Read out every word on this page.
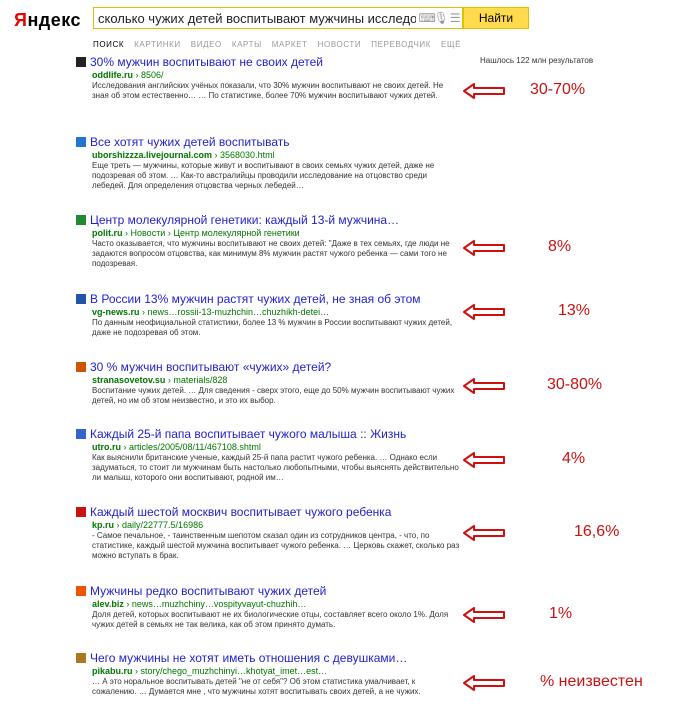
Яндекс
сколько чужих детей воспитывают мужчины исследо	⌨
🎙 ☰	Найти
ПОИСК КАРТИНКИ ВИДЕО КАРТЫ МАРКЕТ НОВОСТИ ПЕРЕВОДЧИК ЕЩЁ
Нашлось 122 млн результатов
30% мужчин воспитывают не своих детей
oddlife.ru › 8506/
Исследования английских учёных показали, что 30% мужчин воспитывают не своих детей. Не зная об этом естественно… … По статистике, более 70% мужчин воспитывают чужих детей.
Все хотят чужих детей воспитывать
uborshizzza.livejournal.com › 3568030.html
Еще треть — мужчины, которые живут и воспитывают в своих семьях чужих детей, даже не подозревая об этом. … Как-то австралийцы проводили исследование на отцовство среди лебедей. Для определения отцовства черных лебедей…
Центр молекулярной генетики: каждый 13-й мужчина…
polit.ru › Новости › Центр молекулярной генетики
Часто оказывается, что мужчины воспитывают не своих детей: "Даже в тех семьях, где люди не задаются вопросом отцовства, как минимум 8% мужчин растят чужого ребенка — сами того не подозревая.
В России 13% мужчин растят чужих детей, не зная об этом
vg-news.ru › news…rossii-13-muzhchin…chuzhikh-detei…
По данным неофициальной статистики, более 13 % мужчин в России воспитывают чужих детей, даже не подозревая об этом.
30 % мужчин воспитывают «чужих» детей?
stranasovetov.su › materials/828
Воспитание чужих детей. … Для сведения - сверх этого, еще до 50% мужчин воспитывают чужих детей, но им об этом неизвестно, и это их выбор.
Каждый 25-й папа воспитывает чужого малыша :: Жизнь
utro.ru › articles/2005/08/11/467108.shtml
Как выяснили британские ученые, каждый 25-й папа растит чужого ребенка. … Однако если задуматься, то стоит ли мужчинам быть настолько любопытными, чтобы выяснять действительно ли малыш, которого они воспитывают, родной им…
Каждый шестой москвич воспитывает чужого ребенка
kp.ru › daily/22777.5/16986
- Самое печальное, - таинственным шепотом сказал один из сотрудников центра, - что, по статистике, каждый шестой мужчина воспитывает чужого ребенка. … Церковь скажет, сколько раз можно вступать в брак.
Мужчины редко воспитывают чужих детей
alev.biz › news…muzhchiny…vospityvayut-chuzhih…
Доля детей, которых воспитывают не их биологические отцы, составляет всего около 1%. Доля чужих детей в семьях не так велика, как об этом принято думать.
Чего мужчины не хотят иметь отношения с девушками…
pikabu.ru › story/chego_muzhchinyi…khotyat_imet…est…
… А это норальное воспитывать детей "не от себя"? Об этом статистика умалчивает, к сожалению. … Думается мне , что мужчины хотят воспитывать своих детей, а не чужих.
30-70%
8%
13%
30-80%
4%
16,6%
1%
% неизвестен
